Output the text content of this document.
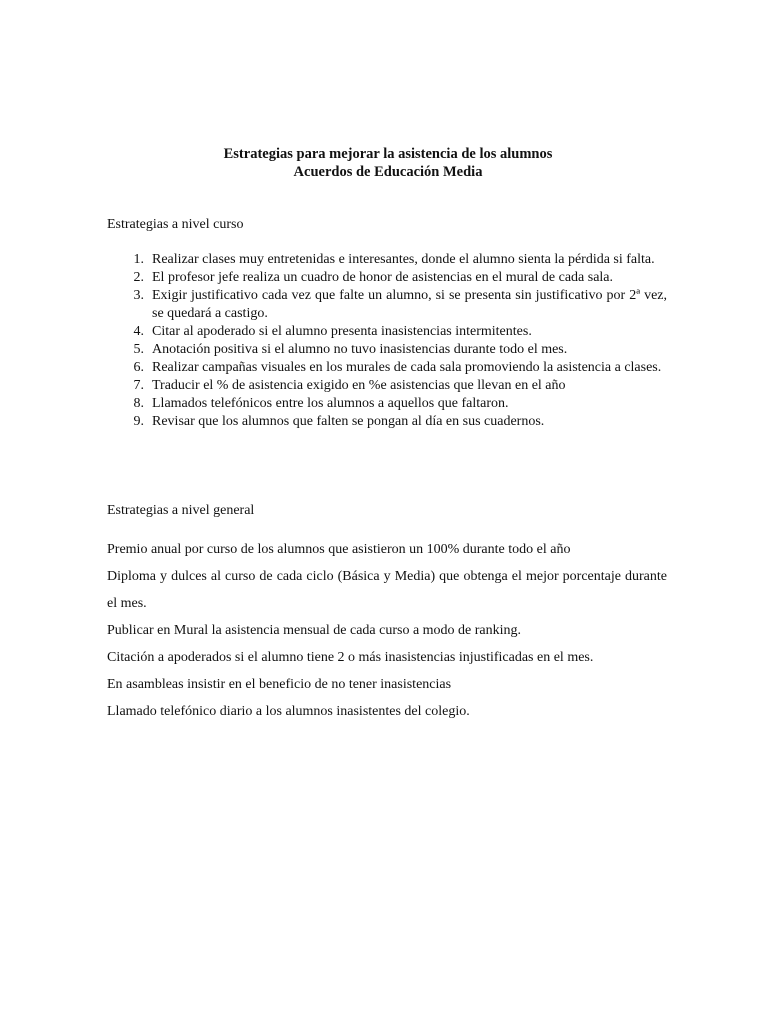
Estrategias para mejorar la asistencia de los alumnos
Acuerdos de Educación Media
Estrategias a nivel curso
1. Realizar clases muy entretenidas e interesantes, donde el alumno sienta la pérdida si falta.
2. El profesor jefe realiza un cuadro de honor de asistencias en el mural de cada sala.
3. Exigir justificativo cada vez que falte un alumno, si se presenta sin justificativo por 2ª vez, se quedará a castigo.
4. Citar al apoderado si el alumno presenta inasistencias intermitentes.
5. Anotación positiva si el alumno no tuvo inasistencias durante todo el mes.
6. Realizar campañas visuales en los murales de cada sala promoviendo la asistencia a clases.
7. Traducir el % de asistencia exigido en %e asistencias que llevan en el año
8. Llamados telefónicos entre los alumnos a aquellos que faltaron.
9. Revisar que los alumnos que falten se pongan al día en sus cuadernos.
Estrategias a nivel general
Premio anual por curso de los alumnos que asistieron un 100% durante todo el año
Diploma y dulces al curso de cada ciclo (Básica y Media) que obtenga el mejor porcentaje durante el mes.
Publicar en Mural la asistencia mensual de cada curso a modo de ranking.
Citación a apoderados si el alumno tiene 2 o más inasistencias injustificadas en el mes.
En asambleas insistir en el beneficio de no tener inasistencias
Llamado telefónico diario a los alumnos inasistentes del colegio.
